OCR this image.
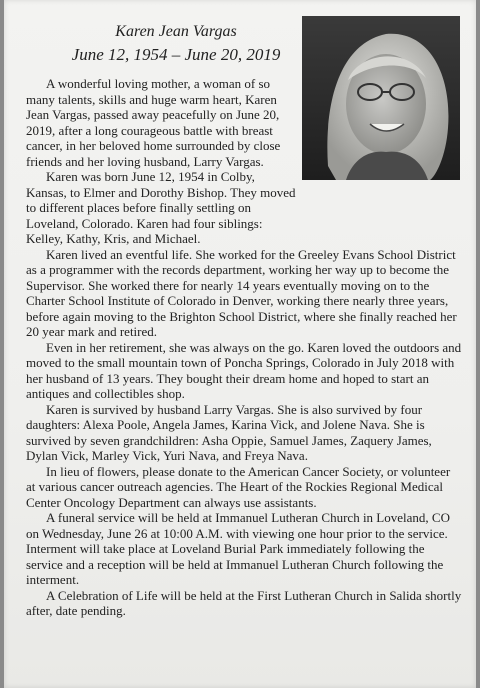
Karen Jean Vargas
June 12, 1954 – June 20, 2019

A wonderful loving mother, a woman of so many talents, skills and huge warm heart, Karen Jean Vargas, passed away peacefully on June 20, 2019, after a long courageous battle with breast cancer, in her beloved home surrounded by close friends and her loving husband, Larry Vargas.

Karen was born June 12, 1954 in Colby, Kansas, to Elmer and Dorothy Bishop. They moved to different places before finally settling on Loveland, Colorado. Karen had four siblings: Kelley, Kathy, Kris, and Michael.

Karen lived an eventful life. She worked for the Greeley Evans School District as a programmer with the records department, working her way up to become the Supervisor. She worked there for nearly 14 years eventually moving on to the Charter School Institute of Colorado in Denver, working there nearly three years, before again moving to the Brighton School District, where she finally reached her 20 year mark and retired.

Even in her retirement, she was always on the go. Karen loved the outdoors and moved to the small mountain town of Poncha Springs, Colorado in July 2018 with her husband of 13 years. They bought their dream home and hoped to start an antiques and collectibles shop.

Karen is survived by husband Larry Vargas. She is also survived by four daughters: Alexa Poole, Angela James, Karina Vick, and Jolene Nava. She is survived by seven grandchildren: Asha Oppie, Samuel James, Zaquery James, Dylan Vick, Marley Vick, Yuri Nava, and Freya Nava.

In lieu of flowers, please donate to the American Cancer Society, or volunteer at various cancer outreach agencies. The Heart of the Rockies Regional Medical Center Oncology Department can always use assistants.

A funeral service will be held at Immanuel Lutheran Church in Loveland, CO on Wednesday, June 26 at 10:00 A.M. with viewing one hour prior to the service. Interment will take place at Loveland Burial Park immediately following the service and a reception will be held at Immanuel Lutheran Church following the interment.

A Celebration of Life will be held at the First Lutheran Church in Salida shortly after, date pending.
